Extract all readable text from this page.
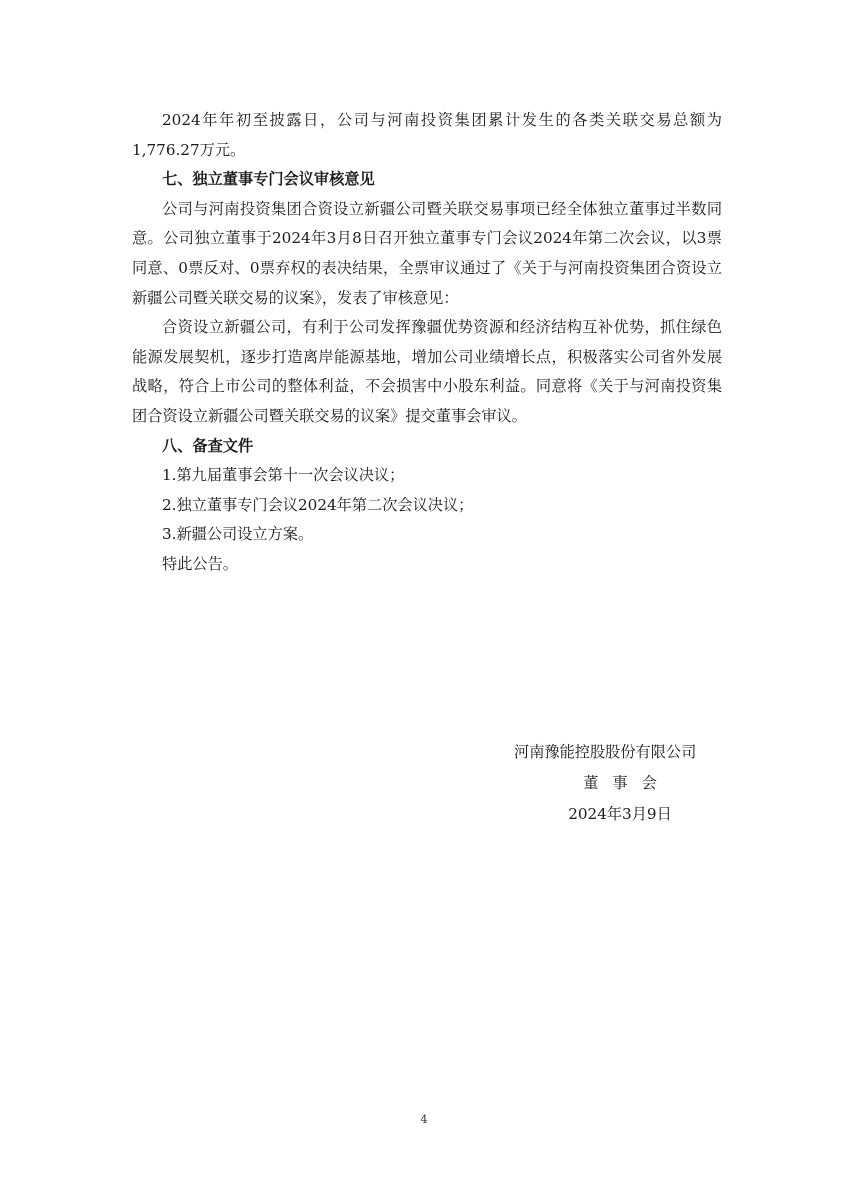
2024年年初至披露日，公司与河南投资集团累计发生的各类关联交易总额为1,776.27万元。

七、独立董事专门会议审核意见

公司与河南投资集团合资设立新疆公司暨关联交易事项已经全体独立董事过半数同意。公司独立董事于2024年3月8日召开独立董事专门会议2024年第二次会议，以3票同意、0票反对、0票弃权的表决结果，全票审议通过了《关于与河南投资集团合资设立新疆公司暨关联交易的议案》，发表了审核意见：

合资设立新疆公司，有利于公司发挥豫疆优势资源和经济结构互补优势，抓住绿色能源发展契机，逐步打造离岸能源基地，增加公司业绩增长点，积极落实公司省外发展战略，符合上市公司的整体利益，不会损害中小股东利益。同意将《关于与河南投资集团合资设立新疆公司暨关联交易的议案》提交董事会审议。

八、备查文件

1.第九届董事会第十一次会议决议；

2.独立董事专门会议2024年第二次会议决议；

3.新疆公司设立方案。

特此公告。

河南豫能控股股份有限公司

董事会

2024年3月9日

4
